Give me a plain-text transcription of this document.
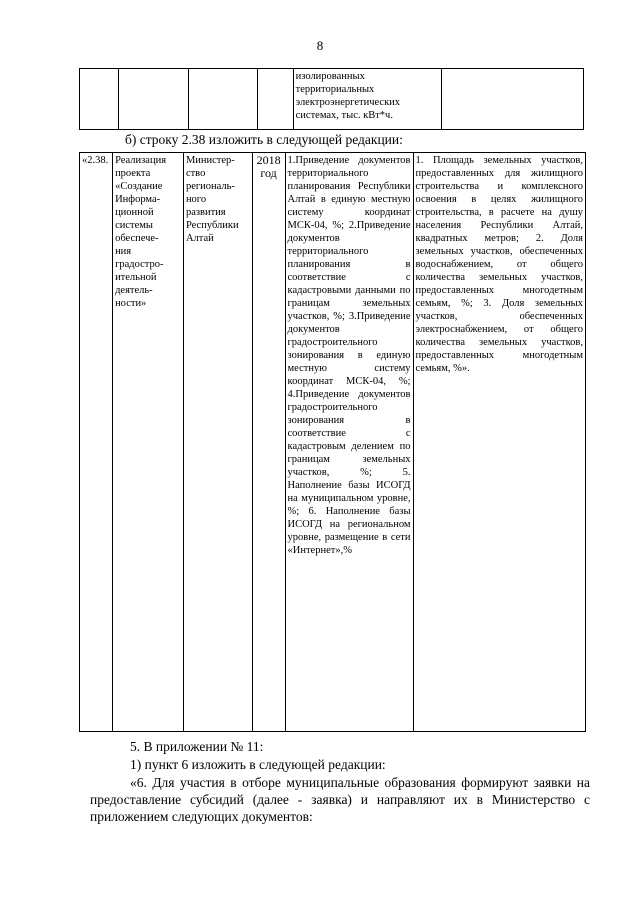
8
				изолированных территориальных электроэнергетических системах, тыс. кВт*ч.	
б) строку 2.38 изложить в следующей редакции:
«2.38.	Реализация
проекта
«Создание
Информа-
ционной
системы
обеспече-
ния
градостро-
ительной
деятель-
ности»	Министер-
ство
региональ-
ного
развития
Республики
Алтай	2018 год	1.Приведение документов территориального планирования Республики Алтай в единую местную систему координат МСК-04, %; 2.Приведение документов территориального планирования в соответствие с кадастровыми данными по границам земельных участков, %; 3.Приведение документов градостроительного зонирования в единую местную систему координат МСК-04, %; 4.Приведение документов градостроительного зонирования в соответствие с кадастровым делением по границам земельных участков, %; 5. Наполнение базы ИСОГД на муниципальном уровне, %; 6. Наполнение базы ИСОГД на региональном уровне, размещение в сети «Интернет»,%	1. Площадь земельных участков, предоставленных для жилищного строительства и комплексного освоения в целях жилищного строительства, в расчете на душу населения Республики Алтай, квадратных метров; 2. Доля земельных участков, обеспеченных водоснабжением, от общего количества земельных участков, предоставленных многодетным семьям, %; 3. Доля земельных участков, обеспеченных электроснабжением, от общего количества земельных участков, предоставленных многодетным семьям, %».
5. В приложении № 11:
1) пункт 6 изложить в следующей редакции:
«6. Для участия в отборе муниципальные образования формируют заявки на предоставление субсидий (далее - заявка) и направляют их в Министерство с приложением следующих документов:
